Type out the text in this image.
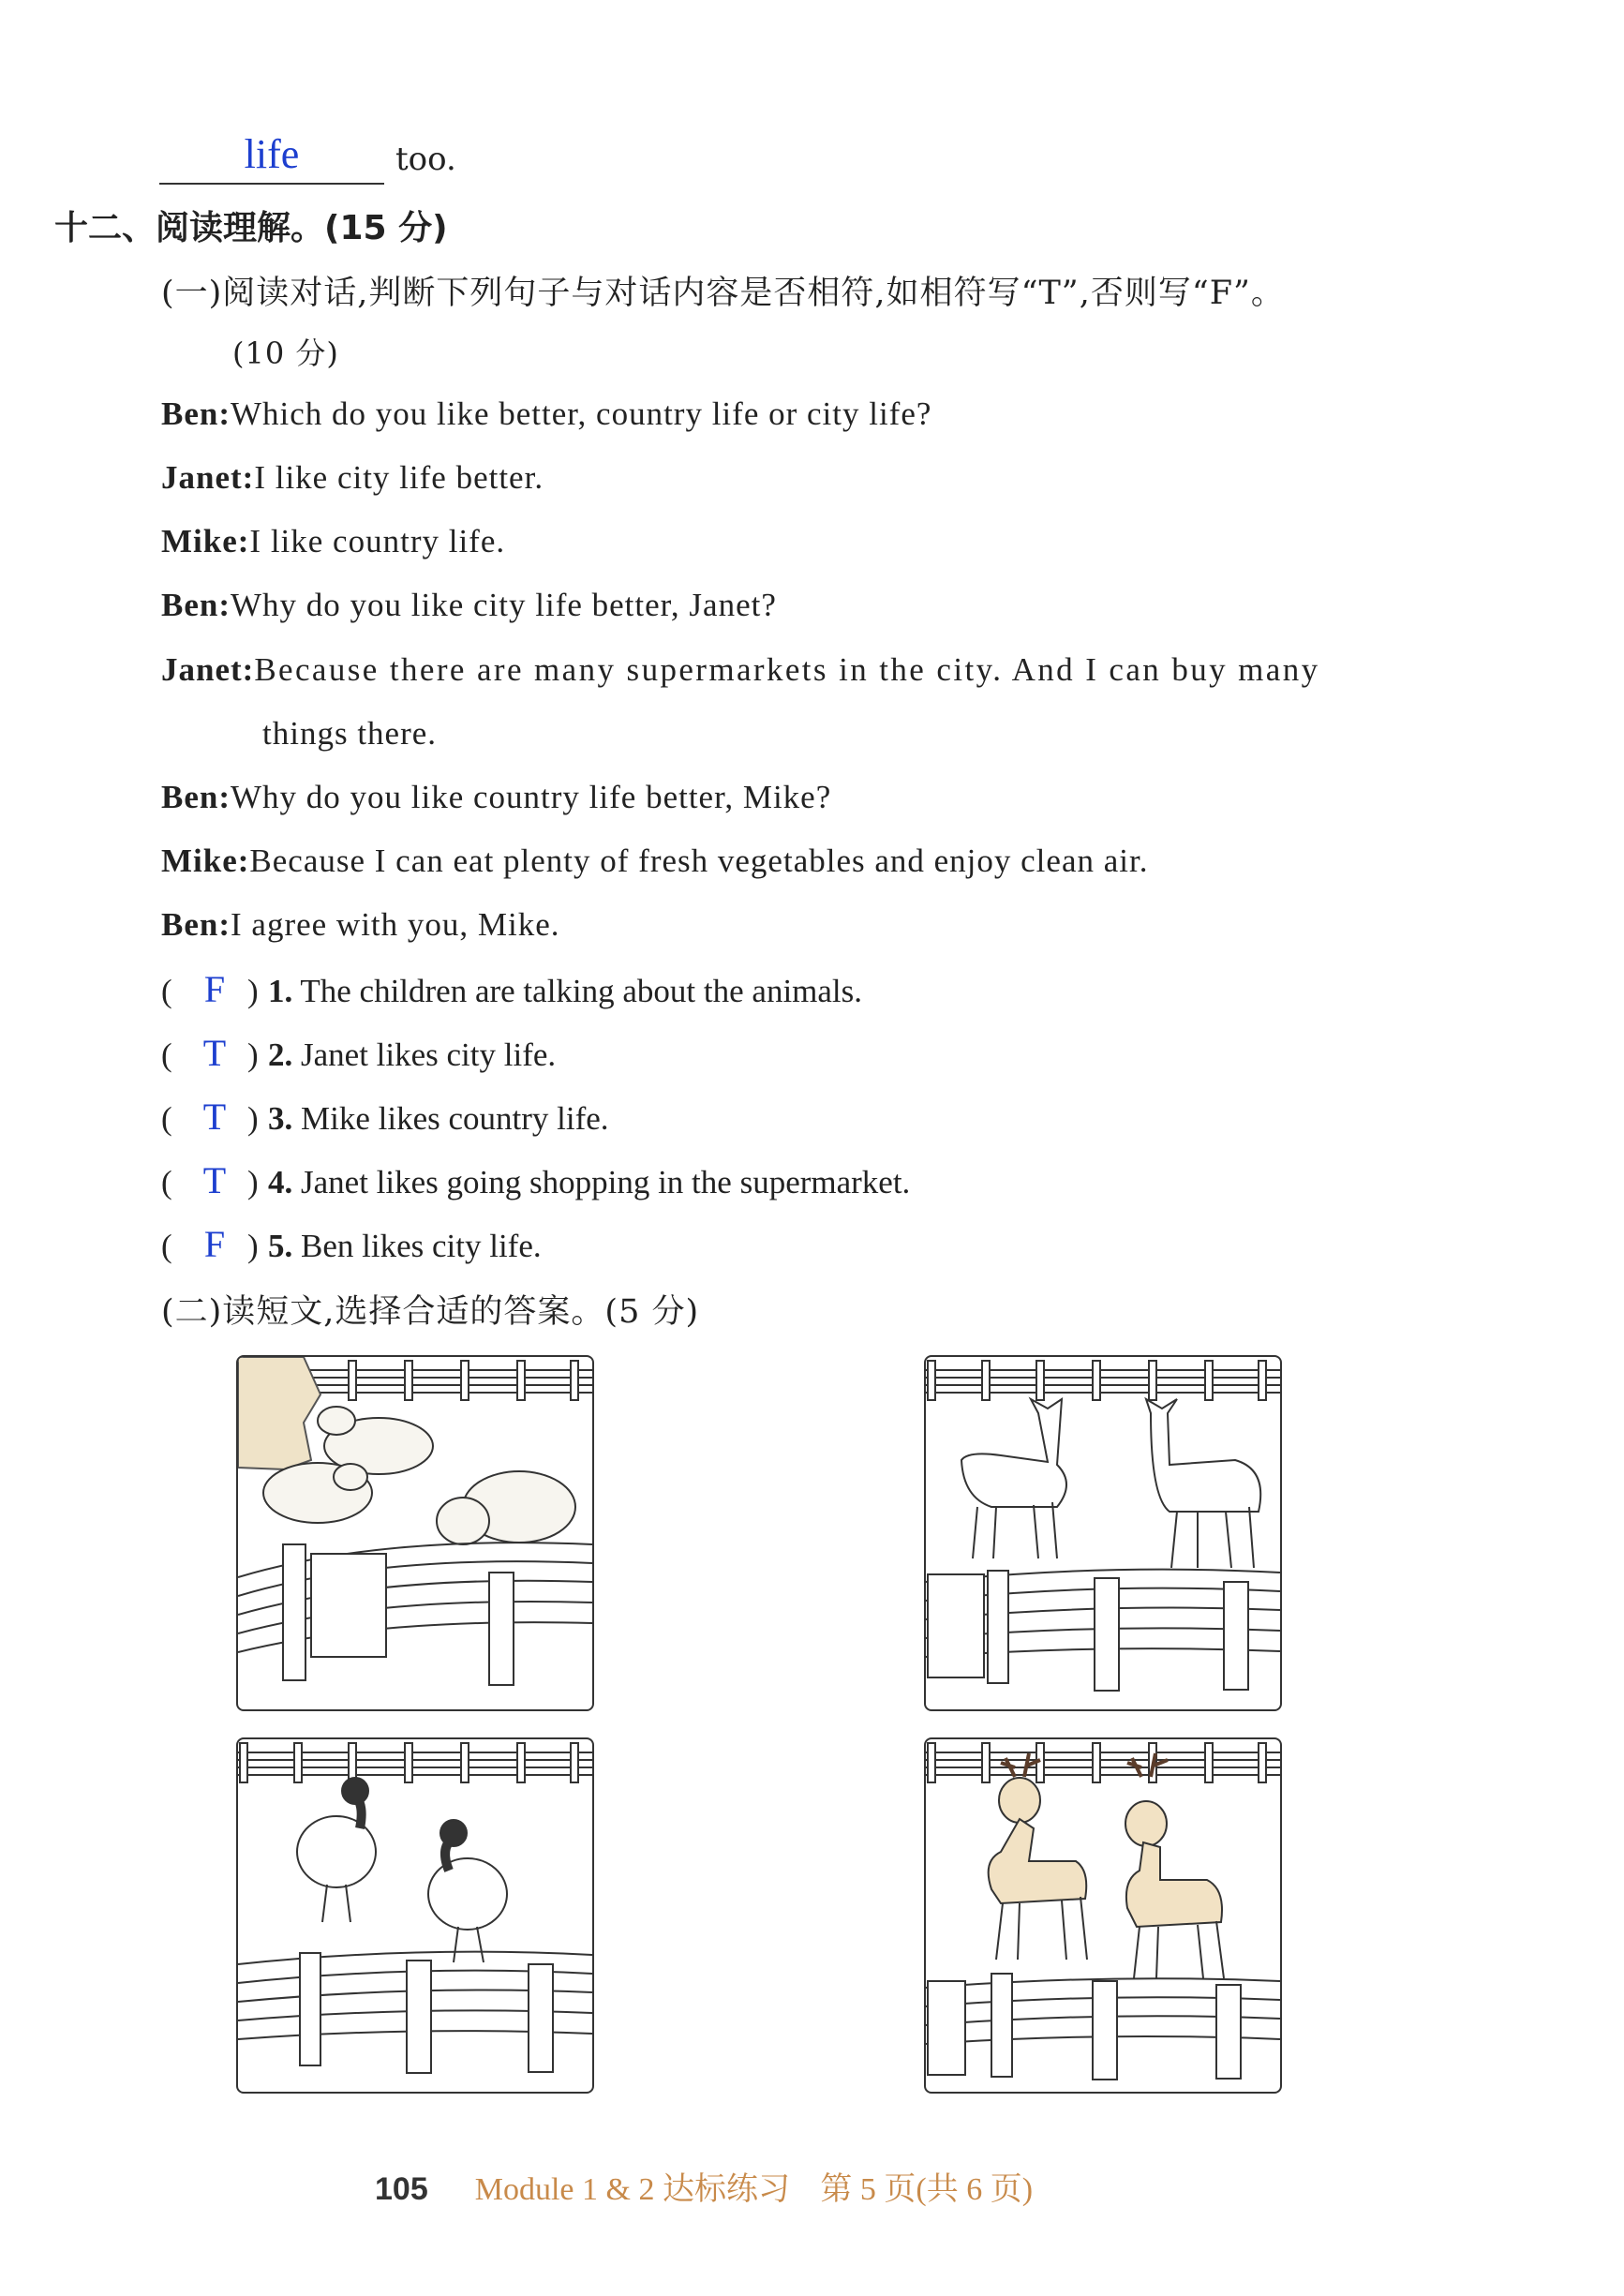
life	too.
十二、阅读理解。(15 分)
(一)阅读对话,判断下列句子与对话内容是否相符,如相符写“T”,否则写“F”。
(10 分)
Ben:Which do you like better, country life or city life?
Janet:I like city life better.
Mike:I like country life.
Ben:Why do you like city life better, Janet?
Janet:Because there are many supermarkets in the city. And I can buy many
things there.
Ben:Why do you like country life better, Mike?
Mike:Because I can eat plenty of fresh vegetables and enjoy clean air.
Ben:I agree with you, Mike.
( F ) 1. The children are talking about the animals.
( T ) 2. Janet likes city life.
( T ) 3. Mike likes country life.
( T ) 4. Janet likes going shopping in the supermarket.
( F ) 5. Ben likes city life.
(二)读短文,选择合适的答案。(5 分)
105 Module 1 & 2 达标练习 第 5 页(共 6 页)
